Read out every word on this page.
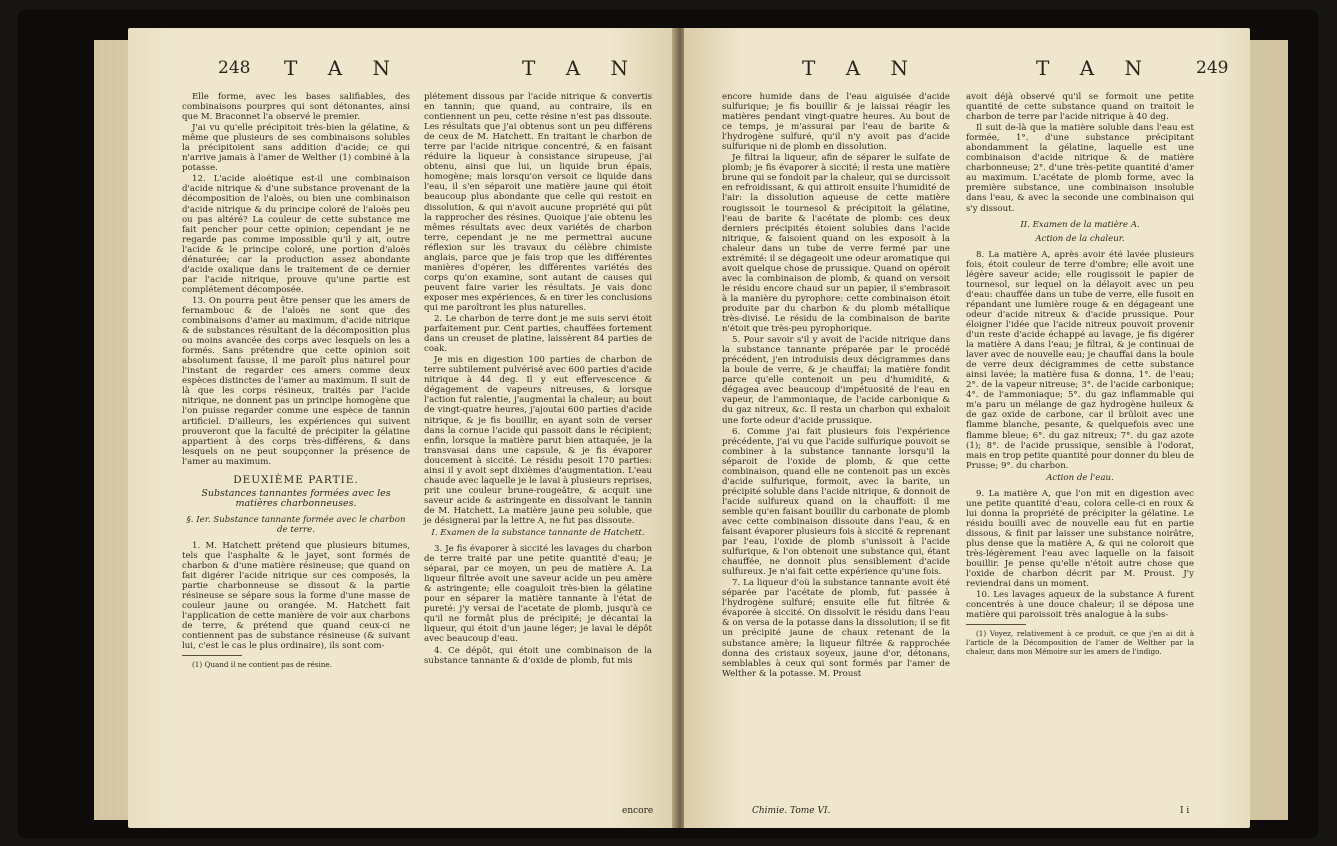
248 T A N	T A N

Elle forme, avec les bases salifiables, des combinaisons pourpres qui sont détonantes, ainsi que M. Braconnet l'a observé le premier.

J'ai vu qu'elle précipitoit très-bien la gélatine, & même que plusieurs de ses combinaisons solubles la précipitoient sans addition d'acide; ce qui n'arrive jamais à l'amer de Welther (1) combiné à la potasse.

12. L'acide aloétique est-il une combinaison d'acide nitrique & d'une substance provenant de la décomposition de l'aloès, ou bien une combinaison d'acide nitrique & du principe coloré de l'aloès peu ou pas altéré? La couleur de cette substance me fait pencher pour cette opinion; cependant je ne regarde pas comme impossible qu'il y ait, outre l'acide & le principe coloré, une portion d'aloès dénaturée; car la production assez abondante d'acide oxalique dans le traitement de ce dernier par l'acide nitrique, prouve qu'une partie est complétement décomposée.

13. On pourra peut être penser que les amers de fernambouc & de l'aloès ne sont que des combinaisons d'amer au maximum, d'acide nitrique & de substances résultant de la décomposition plus ou moins avancée des corps avec lesquels on les a formés. Sans prétendre que cette opinion soit absolument fausse, il me paroît plus naturel pour l'instant de regarder ces amers comme deux espèces distinctes de l'amer au maximum. Il suit de là que les corps résineux, traités par l'acide nitrique, ne donnent pas un principe homogène que l'on puisse regarder comme une espèce de tannin artificiel. D'ailleurs, les expériences qui suivent prouveront que la faculté de précipiter la gélatine appartient à des corps très-différens, & dans lesquels on ne peut soupçonner la présence de l'amer au maximum.

DEUXIÈME PARTIE.

Substances tannantes formées avec les matières charbonneuses.

§. Ier. Substance tannante formée avec le charbon de terre.

1. M. Hatchett prétend que plusieurs bitumes, tels que l'asphalte & le jayet, sont formés de charbon & d'une matière résineuse; que quand on fait digérer l'acide nitrique sur ces composés, la partie charbonneuse se dissout & la partie résineuse se sépare sous la forme d'une masse de couleur jaune ou orangée. M. Hatchett fait l'application de cette manière de voir aux charbons de terre, & prétend que quand ceux-ci ne contiennent pas de substance résineuse (& suivant lui, c'est le cas le plus ordinaire), ils sont com-

(1) Quand il ne contient pas de résine.

plétement dissous par l'acide nitrique & convertis en tannin; que quand, au contraire, ils en contiennent un peu, cette résine n'est pas dissoute. Les résultats que j'ai obtenus sont un peu différens de ceux de M. Hatchett. En traitant le charbon de terre par l'acide nitrique concentré, & en faisant réduire la liqueur à consistance sirupeuse, j'ai obtenu, ainsi que lui, un liquide brun épais, homogène; mais lorsqu'on versoit ce liquide dans l'eau, il s'en séparoit une matière jaune qui étoit beaucoup plus abondante que celle qui restoit en dissolution, & qui n'avoit aucune propriété qui pût la rapprocher des résines. Quoique j'aie obtenu les mêmes résultats avec deux variétés de charbon terre, cependant je ne me permettrai aucune réflexion sur les travaux du célèbre chimiste anglais, parce que je fais trop que les différentes manières d'opérer, les différentes variétés des corps qu'on examine, sont autant de causes qui peuvent faire varier les résultats. Je vais donc exposer mes expériences, & en tirer les conclusions qui me paroîtront les plus naturelles.

2. Le charbon de terre dont je me suis servi étoit parfaitement pur. Cent parties, chauffées fortement dans un creuset de platine, laissèrent 84 parties de coak.

Je mis en digestion 100 parties de charbon de terre subtilement pulvérisé avec 600 parties d'acide nitrique à 44 deg. Il y eut effervescence & dégagement de vapeurs nitreuses, & lorsque l'action fut ralentie, j'augmentai la chaleur; au bout de vingt-quatre heures, j'ajoutai 600 parties d'acide nitrique, & je fis bouillir, en ayant soin de verser dans la cornue l'acide qui passoit dans le récipient; enfin, lorsque la matière parut bien attaquée, je la transvasai dans une capsule, & je fis évaporer doucement à siccité. Le résidu pesoit 170 parties: ainsi il y avoit sept dixièmes d'augmentation. L'eau chaude avec laquelle je le lavai à plusieurs reprises, prit une couleur brune-rougeâtre, & acquit une saveur acide & astringente en dissolvant le tannin de M. Hatchett. La matière jaune peu soluble, que je désignerai par la lettre A, ne fut pas dissoute.

I. Examen de la substance tannante de Hatchett.

3. Je fis évaporer à siccité les lavages du charbon de terre traité par une petite quantité d'eau; je séparai, par ce moyen, un peu de matière A. La liqueur filtrée avoit une saveur acide un peu amère & astringente; elle coaguloit très-bien la gélatine pour en séparer la matière tannante à l'état de pureté: j'y versai de l'acetate de plomb, jusqu'à ce qu'il ne formât plus de précipité; je décantai la liqueur, qui étoit d'un jaune léger; je lavai le dépôt avec beaucoup d'eau.

4. Ce dépôt, qui étoit une combinaison de la substance tannante & d'oxide de plomb, fut mis

encore
T A N	T A N 249

encore humide dans de l'eau aiguisée d'acide sulfurique; je fis bouillir & je laissai réagir les matières pendant vingt-quatre heures. Au bout de ce temps, je m'assurai par l'eau de barite & l'hydrogène sulfuré, qu'il n'y avoit pas d'acide sulfurique ni de plomb en dissolution.

Je filtrai la liqueur, afin de séparer le sulfate de plomb; je fis évaporer à siccité; il resta une matière brune qui se fondoit par la chaleur, qui se durcissoit en refroidissant, & qui attiroit ensuite l'humidité de l'air: la dissolution aqueuse de cette matière rougissoit le tournesol & précipitoit la gélatine, l'eau de barite & l'acétate de plomb: ces deux derniers précipités étoient solubles dans l'acide nitrique, & faisoient quand on les exposoit à la chaleur dans un tube de verre fermé par une extrémité: il se dégageoit une odeur aromatique qui avoit quelque chose de prussique. Quand on opéroit avec la combinaison de plomb, & quand on versoit le résidu encore chaud sur un papier, il s'embrasoit à la manière du pyrophore: cette combinaison étoit produite par du charbon & du plomb métallique très-divisé. Le résidu de la combinaison de barite n'étoit que très-peu pyrophorique.

5. Pour savoir s'il y avoit de l'acide nitrique dans la substance tannante préparée par le procédé précédent, j'en introduisis deux décigrammes dans la boule de verre, & je chauffai; la matière fondit parce qu'elle contenoit un peu d'humidité, & dégagea avec beaucoup d'impétuosité de l'eau en vapeur, de l'ammoniaque, de l'acide carbonique & du gaz nitreux, &c. Il resta un charbon qui exhaloit une forte odeur d'acide prussique.

6. Comme j'ai fait plusieurs fois l'expérience précédente, j'ai vu que l'acide sulfurique pouvoit se combiner à la substance tannante lorsqu'il la séparoit de l'oxide de plomb, & que cette combinaison, quand elle ne contenoit pas un excès d'acide sulfurique, formoit, avec la barite, un précipité soluble dans l'acide nitrique, & donnoit de l'acide sulfureux quand on la chauffoit: il me semble qu'en faisant bouillir du carbonate de plomb avec cette combinaison dissoute dans l'eau, & en faisant évaporer plusieurs fois à siccité & reprenant par l'eau, l'oxide de plomb s'unissoit à l'acide sulfurique, & l'on obtenoit une substance qui, étant chauffée, ne donnoit plus sensiblement d'acide sulfureux. Je n'ai fait cette expérience qu'une fois.

7. La liqueur d'où la substance tannante avoit été séparée par l'acétate de plomb, fut passée à l'hydrogène sulfuré; ensuite elle fut filtrée & évaporée à siccité. On dissolvit le résidu dans l'eau & on versa de la potasse dans la dissolution; il se fit un précipité jaune de chaux retenant de la substance amère; la liqueur filtrée & rapprochée donna des cristaux soyeux, jaune d'or, détonans, semblables à ceux qui sont formés par l'amer de Welther & la potasse. M. Proust

Chimie. Tome VI.

avoit déjà observé qu'il se formoit une petite quantité de cette substance quand on traitoit le charbon de terre par l'acide nitrique à 40 deg.

Il suit de-là que la matière soluble dans l'eau est formée, 1°. d'une substance précipitant abondamment la gélatine, laquelle est une combinaison d'acide nitrique & de matière charbonneuse; 2°. d'une très-petite quantité d'amer au maximum. L'acétate de plomb forme, avec la première substance, une combinaison insoluble dans l'eau, & avec la seconde une combinaison qui s'y dissout.

II. Examen de la matière A.

Action de la chaleur.

8. La matière A, après avoir été lavée plusieurs fois, étoit couleur de terre d'ombre; elle avoit une légère saveur acide; elle rougissoit le papier de tournesol, sur lequel on la délayoit avec un peu d'eau: chauffée dans un tube de verre, elle fusoit en répandant une lumière rouge & en dégageant une odeur d'acide nitreux & d'acide prussique. Pour éloigner l'idée que l'acide nitreux pouvoit provenir d'un reste d'acide échappé au lavage, je fis digérer la matière A dans l'eau; je filtrai, & je continuai de laver avec de nouvelle eau; je chauffai dans la boule de verre deux décigrammes de cette substance ainsi lavée; la matière fusa & donna, 1°. de l'eau; 2°. de la vapeur nitreuse; 3°. de l'acide carbonique; 4°. de l'ammoniaque; 5°. du gaz inflammable qui m'a paru un mélange de gaz hydrogène huileux & de gaz oxide de carbone, car il brûloit avec une flamme blanche, pesante, & quelquefois avec une flamme bleue; 6°. du gaz nitreux; 7°. du gaz azote (1); 8°. de l'acide prussique, sensible à l'odorat, mais en trop petite quantité pour donner du bleu de Prusse; 9°. du charbon.

Action de l'eau.

9. La matière A, que l'on mit en digestion avec une petite quantité d'eau, colora celle-ci en roux & lui donna la propriété de précipiter la gélatine. Le résidu bouilli avec de nouvelle eau fut en partie dissous, & finit par laisser une substance noirâtre, plus dense que la matière A, & qui ne coloroit que très-légèrement l'eau avec laquelle on la faisoit bouillir. Je pense qu'elle n'étoit autre chose que l'oxide de charbon décrit par M. Proust. J'y reviendrai dans un moment.

10. Les lavages aqueux de la substance A furent concentrés à une douce chaleur; il se déposa une matière qui paroissoit très analogue à la subs-

(1) Voyez, relativement à ce produit, ce que j'en ai dit à l'article de la Décomposition de l'amer de Welther par la chaleur, dans mon Mémoire sur les amers de l'indigo.

I i
